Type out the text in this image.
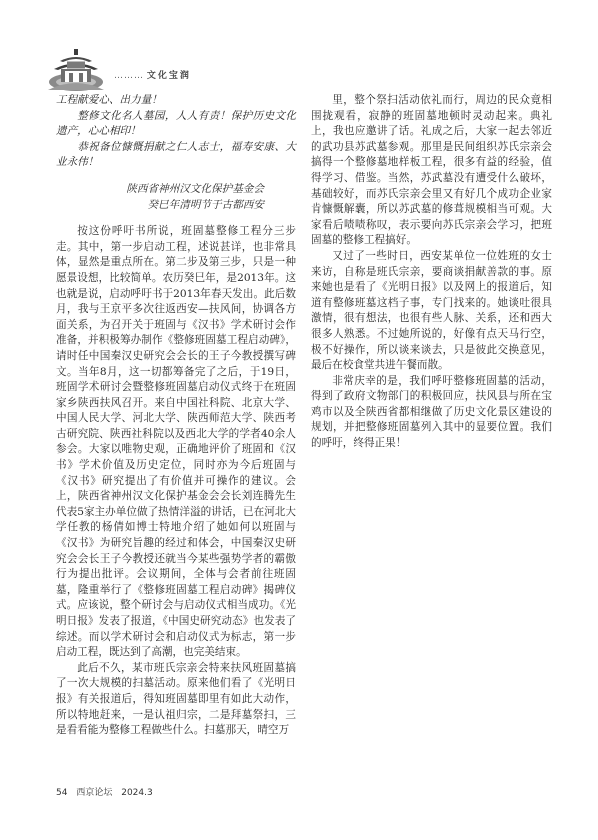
……… 文化宝润

工程献爱心、出力量！

整修文化名人墓园，人人有责！保护历史文化遗产，心心相印！

恭祝备位慷慨捐献之仁人志士，福寿安康、大业永伟！

陕西省神州汉文化保护基金会

癸巳年清明节于古都西安

按这份呼吁书所说，班固墓整修工程分三步走。其中，第一步启动工程，述说甚详，也非常具体，显然是重点所在。第二步及第三步，只是一种愿景设想，比较简单。农历癸巳年，是2013年。这也就是说，启动呼吁书于2013年春天发出。此后数月，我与王京平多次往返西安—扶风间，协调各方面关系，为召开关于班固与《汉书》学术研讨会作准备，并积极筹办制作《整修班固墓工程启动碑》，请时任中国秦汉史研究会会长的王子今教授撰写碑文。当年8月，这一切都筹备完了之后，于19日，班固学术研讨会暨整修班固墓启动仪式终于在班固家乡陕西扶风召开。来自中国社科院、北京大学、中国人民大学、河北大学、陕西师范大学、陕西考古研究院、陕西社科院以及西北大学的学者40余人参会。大家以唯物史观，正确地评价了班固和《汉书》学术价值及历史定位，同时亦为今后班固与《汉书》研究提出了有价值并可操作的建议。会上，陕西省神州汉文化保护基金会会长刘连腾先生代表5家主办单位做了热情洋溢的讲话，已在河北大学任教的杨倩如博士特地介绍了她如何以班固与《汉书》为研究旨趣的经过和体会，中国秦汉史研究会会长王子今教授还就当今某些强势学者的霸傲行为提出批评。会议期间，全体与会者前往班固墓，隆重举行了《整修班固墓工程启动碑》揭碑仪式。应该说，整个研讨会与启动仪式相当成功。《光明日报》发表了报道，《中国史研究动态》也发表了综述。而以学术研讨会和启动仪式为标志，第一步启动工程，既达到了高潮，也完美结束。

此后不久，某市班氏宗亲会特来扶风班固墓搞了一次大规模的扫墓活动。原来他们看了《光明日报》有关报道后，得知班固墓即里有如此大动作，所以特地赶来，一是认祖归宗，二是拜墓祭扫，三是看看能为整修工程做些什么。扫墓那天，晴空万

里，整个祭扫活动依礼而行，周边的民众竟相围拢观看，寂静的班固墓地顿时灵动起来。典礼上，我也应邀讲了话。礼成之后，大家一起去邻近的武功县苏武墓参观。那里是民间组织苏氏宗亲会搞得一个整修墓地样板工程，很多有益的经验，值得学习、借鉴。当然，苏武墓没有遭受什么破坏，基础较好，而苏氏宗亲会里又有好几个成功企业家肯慷慨解囊，所以苏武墓的修葺规模相当可观。大家看后啧啧称叹，表示要向苏氏宗亲会学习，把班固墓的整修工程搞好。

又过了一些时日，西安某单位一位姓班的女士来访，自称是班氏宗亲，要商谈捐献善款的事。原来她也是看了《光明日报》以及网上的报道后，知道有整修班墓这档子事，专门找来的。她谈吐很具激情，很有想法，也很有些人脉、关系，还和西大很多人熟悉。不过她所说的，好像有点天马行空，极不好操作，所以谈来谈去，只是彼此交换意见，最后在校食堂共进午餐而散。

非常庆幸的是，我们呼吁整修班固墓的活动，得到了政府文物部门的积极回应，扶风县与所在宝鸡市以及全陕西省都相继做了历史文化景区建设的规划，并把整修班固墓列入其中的显要位置。我们的呼吁，终得正果！

54 西京论坛 2024.3
